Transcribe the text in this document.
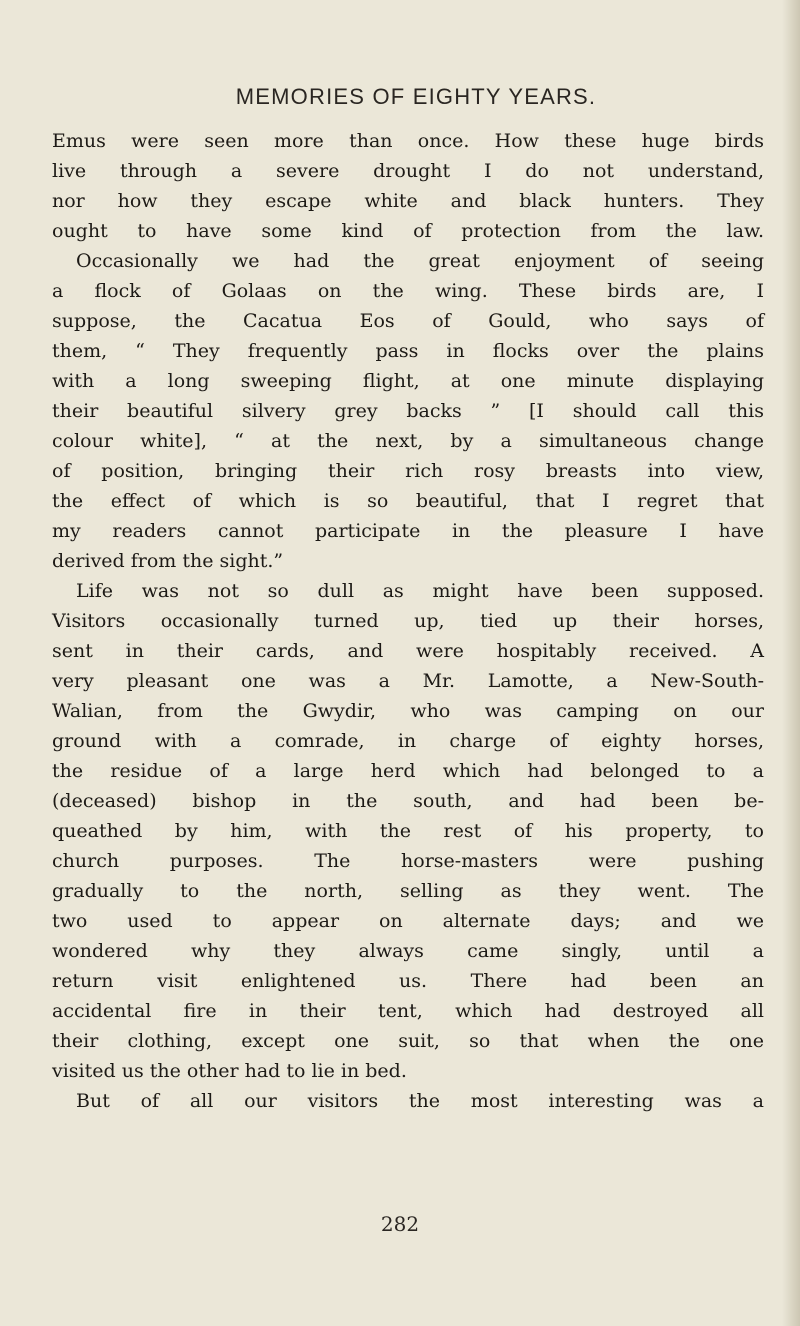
MEMORIES OF EIGHTY YEARS.
Emus were seen more than once. How these huge birds
live through a severe drought I do not understand,
nor how they escape white and black hunters. They
ought to have some kind of protection from the law.
Occasionally we had the great enjoyment of seeing
a flock of Golaas on the wing. These birds are, I
suppose, the Cacatua Eos of Gould, who says of
them, “ They frequently pass in flocks over the plains
with a long sweeping flight, at one minute displaying
their beautiful silvery grey backs ” [I should call this
colour white], “ at the next, by a simultaneous change
of position, bringing their rich rosy breasts into view,
the effect of which is so beautiful, that I regret that
my readers cannot participate in the pleasure I have
derived from the sight.”
Life was not so dull as might have been supposed.
Visitors occasionally turned up, tied up their horses,
sent in their cards, and were hospitably received. A
very pleasant one was a Mr. Lamotte, a New-South-
Walian, from the Gwydir, who was camping on our
ground with a comrade, in charge of eighty horses,
the residue of a large herd which had belonged to a
(deceased) bishop in the south, and had been be-
queathed by him, with the rest of his property, to
church purposes. The horse-masters were pushing
gradually to the north, selling as they went. The
two used to appear on alternate days; and we
wondered why they always came singly, until a
return visit enlightened us. There had been an
accidental fire in their tent, which had destroyed all
their clothing, except one suit, so that when the one
visited us the other had to lie in bed.
But of all our visitors the most interesting was a
282
